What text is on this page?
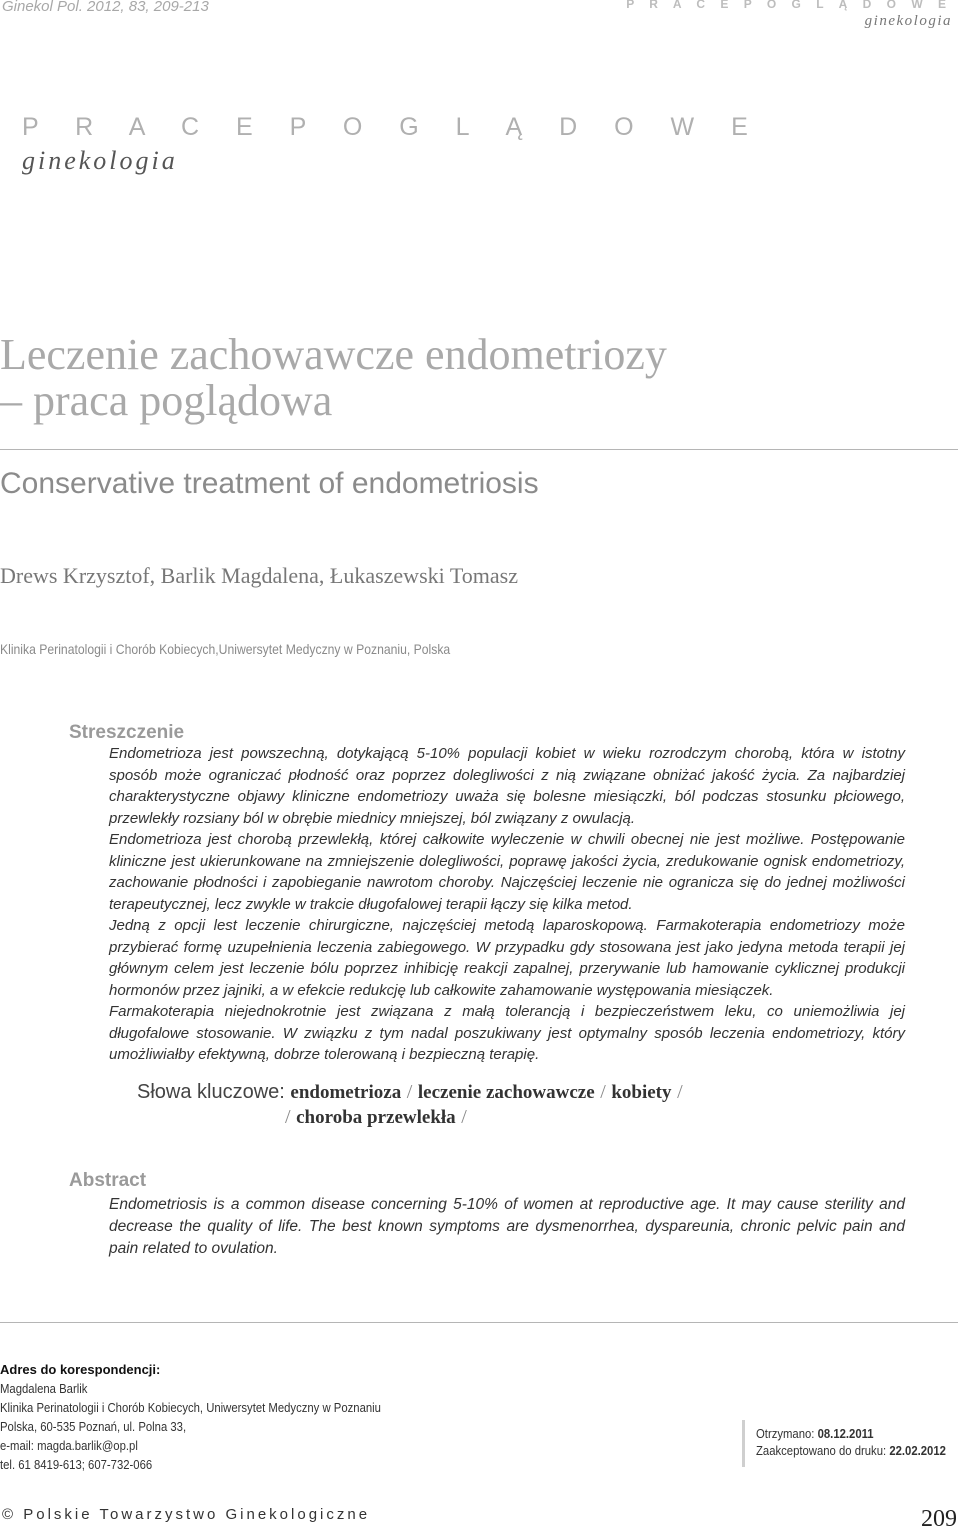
Ginekol Pol. 2012, 83, 209-213	P R A C E P O G L Ą D O W E
ginekologia
P R A C E P O G L Ą D O W E
ginekologia
Leczenie zachowawcze endometriozy
– praca poglądowa
Conservative treatment of endometriosis
Drews Krzysztof, Barlik Magdalena, Łukaszewski Tomasz
Klinika Perinatologii i Chorób Kobiecych,Uniwersytet Medyczny w Poznaniu, Polska
Streszczenie

Endometrioza jest powszechną, dotykającą 5-10% populacji kobiet w wieku rozrodczym chorobą, która w istotny sposób może ograniczać płodność oraz poprzez dolegliwości z nią związane obniżać jakość życia. Za najbardziej charakterystyczne objawy kliniczne endometriozy uważa się bolesne miesiączki, ból podczas stosunku płciowego, przewlekły rozsiany ból w obrębie miednicy mniejszej, ból związany z owulacją.

Endometrioza jest chorobą przewlekłą, której całkowite wyleczenie w chwili obecnej nie jest możliwe. Postępowanie kliniczne jest ukierunkowane na zmniejszenie dolegliwości, poprawę jakości życia, zredukowanie ognisk endometriozy, zachowanie płodności i zapobieganie nawrotom choroby. Najczęściej leczenie nie ogranicza się do jednej możliwości terapeutycznej, lecz zwykle w trakcie długofalowej terapii łączy się kilka metod.

Jedną z opcji lest leczenie chirurgiczne, najczęściej metodą laparoskopową. Farmakoterapia endometriozy może przybierać formę uzupełnienia leczenia zabiegowego. W przypadku gdy stosowana jest jako jedyna metoda terapii jej głównym celem jest leczenie bólu poprzez inhibicję reakcji zapalnej, przerywanie lub hamowanie cyklicznej produkcji hormonów przez jajniki, a w efekcie redukcję lub całkowite zahamowanie występowania miesiączek.

Farmakoterapia niejednokrotnie jest związana z małą tolerancją i bezpieczeństwem leku, co uniemożliwia jej długofalowe stosowanie. W związku z tym nadal poszukiwany jest optymalny sposób leczenia endometriozy, który umożliwiałby efektywną, dobrze tolerowaną i bezpieczną terapię.

Słowa kluczowe: endometrioza / leczenie zachowawcze / kobiety /
/ choroba przewlekła /
Abstract
Endometriosis is a common disease concerning 5-10% of women at reproductive age. It may cause sterility and decrease the quality of life. The best known symptoms are dysmenorrhea, dyspareunia, chronic pelvic pain and pain related to ovulation.
Adres do korespondencji:
Magdalena Barlik
Klinika Perinatologii i Chorób Kobiecych, Uniwersytet Medyczny w Poznaniu
Polska, 60-535 Poznań, ul. Polna 33,
e-mail: magda.barlik@op.pl
tel. 61 8419-613; 607-732-066
Otrzymano: 08.12.2011
Zaakceptowano do druku: 22.02.2012
© Polskie Towarzystwo Ginekologiczne	209
